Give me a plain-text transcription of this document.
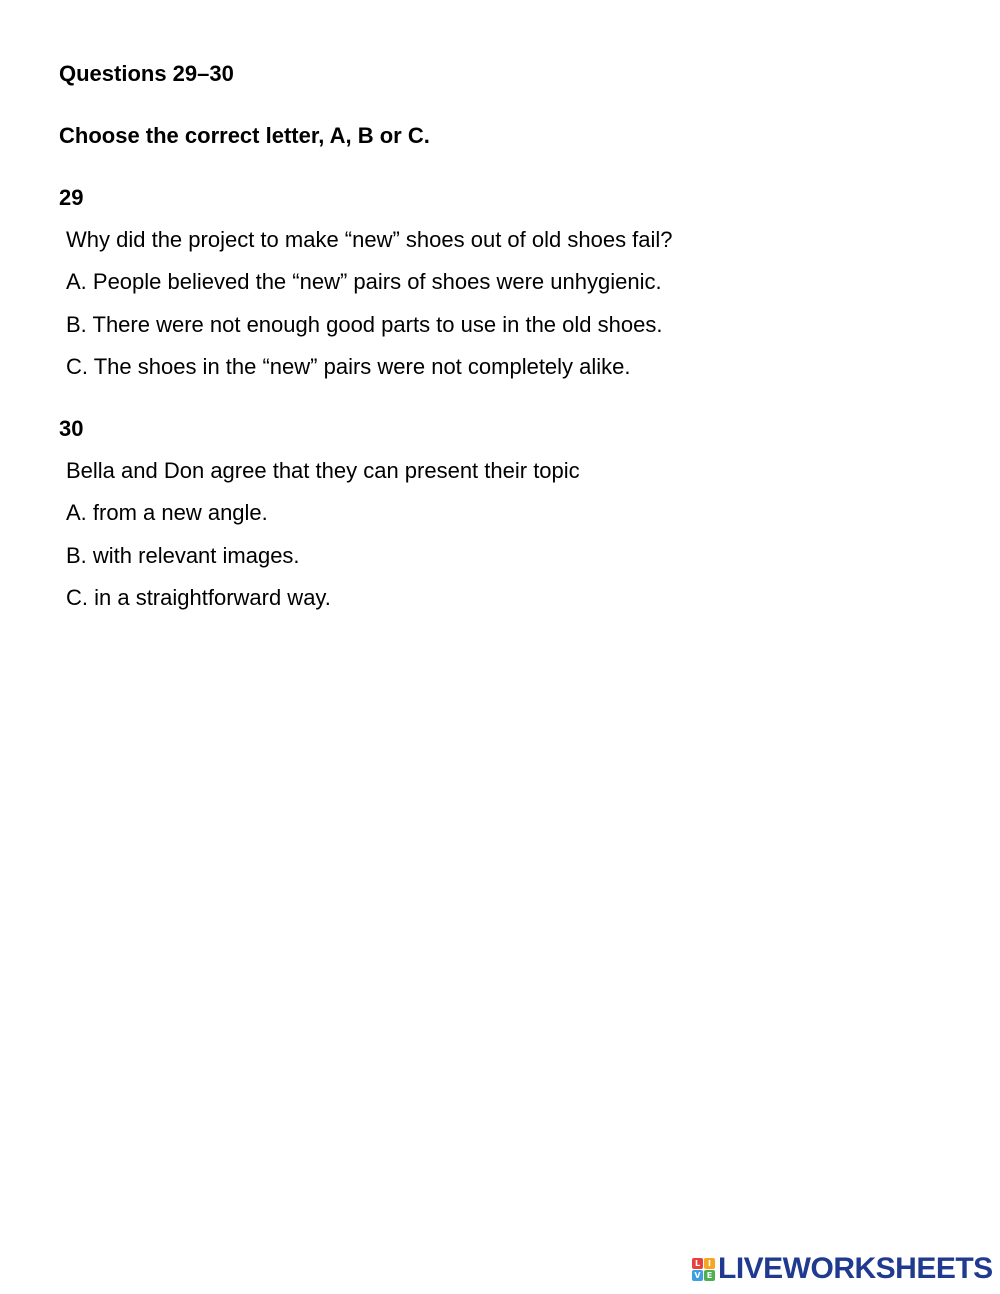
Questions 29–30
Choose the correct letter, A, B or C.
29
Why did the project to make “new” shoes out of old shoes fail?
A. People believed the “new” pairs of shoes were unhygienic.
B. There were not enough good parts to use in the old shoes.
C. The shoes in the “new” pairs were not completely alike.
30
Bella and Don agree that they can present their topic
A. from a new angle.
B. with relevant images.
C. in a straightforward way.
L I
V E LIVEWORKSHEETS
